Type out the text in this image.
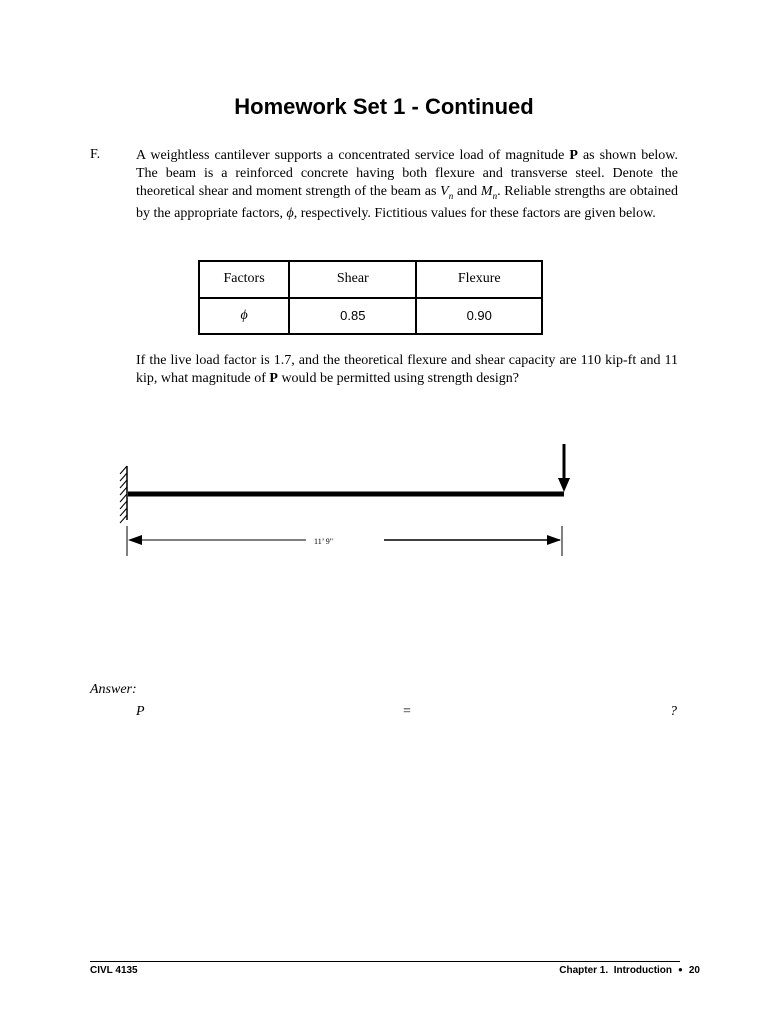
Homework Set 1 - Continued
F.	A weightless cantilever supports a concentrated service load of magnitude P as shown below. The beam is a reinforced concrete having both flexure and transverse steel. Denote the theoretical shear and moment strength of the beam as $V_n$ and $M_n$. Reliable strengths are obtained by the appropriate factors, ϕ, respectively. Fictitious values for these factors are given below.

Factors	Shear	Flexure
ϕ	0.85	0.90

If the live load factor is 1.7, and the theoretical flexure and shear capacity are 110 kip-ft and 11 kip, what magnitude of P would be permitted using strength design?

11’ 9"
Answer:
P	=	?
CIVL 4135	Chapter 1.  Introduction ● 20
